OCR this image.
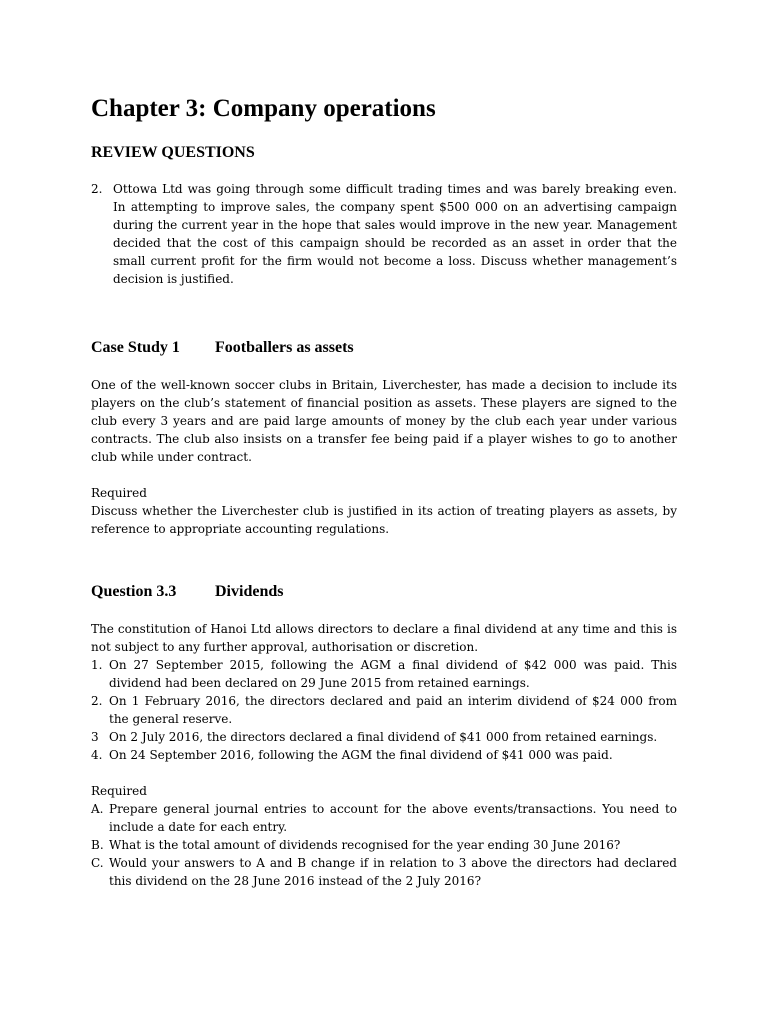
Chapter 3: Company operations
REVIEW QUESTIONS
2. Ottowa Ltd was going through some difficult trading times and was barely breaking even. In attempting to improve sales, the company spent $500 000 on an advertising campaign during the current year in the hope that sales would improve in the new year. Management decided that the cost of this campaign should be recorded as an asset in order that the small current profit for the firm would not become a loss. Discuss whether management’s decision is justified.
Case Study 1	Footballers as assets
One of the well-known soccer clubs in Britain, Liverchester, has made a decision to include its players on the club’s statement of financial position as assets. These players are signed to the club every 3 years and are paid large amounts of money by the club each year under various contracts. The club also insists on a transfer fee being paid if a player wishes to go to another club while under contract.
Required
Discuss whether the Liverchester club is justified in its action of treating players as assets, by reference to appropriate accounting regulations.
Question 3.3	Dividends
The constitution of Hanoi Ltd allows directors to declare a final dividend at any time and this is not subject to any further approval, authorisation or discretion.
1. On 27 September 2015, following the AGM a final dividend of $42 000 was paid. This dividend had been declared on 29 June 2015 from retained earnings.
2. On 1 February 2016, the directors declared and paid an interim dividend of $24 000 from the general reserve.
3 On 2 July 2016, the directors declared a final dividend of $41 000 from retained earnings.
4. On 24 September 2016, following the AGM the final dividend of $41 000 was paid.
Required
A. Prepare general journal entries to account for the above events/transactions. You need to include a date for each entry.
B. What is the total amount of dividends recognised for the year ending 30 June 2016?
C. Would your answers to A and B change if in relation to 3 above the directors had declared this dividend on the 28 June 2016 instead of the 2 July 2016?
